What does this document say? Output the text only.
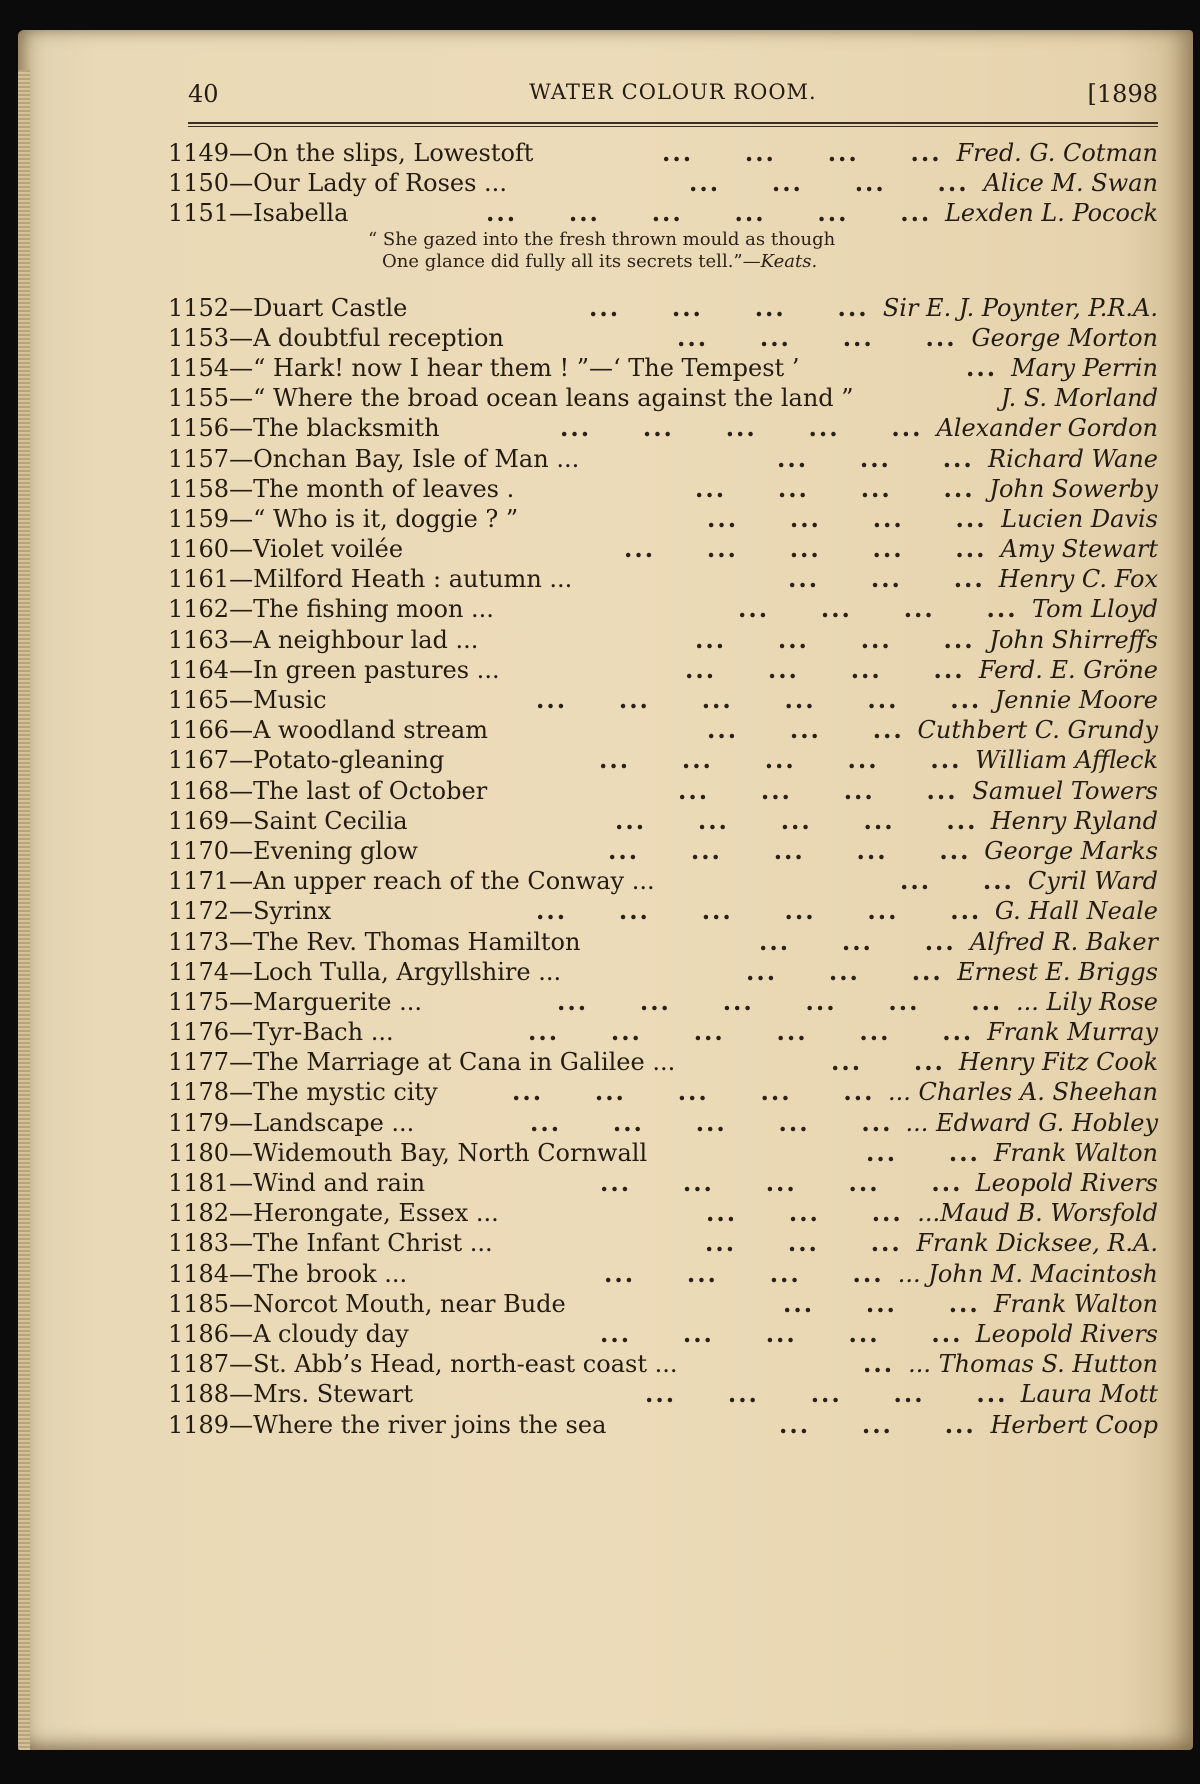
40	WATER COLOUR ROOM.	[1898
1149—On the slips, Lowestoft	...     ...     ...     ... Fred. G. Cotman
1150—Our Lady of Roses ...	...     ...     ...     ... Alice M. Swan
1151—Isabella	...     ...     ...     ...     ...     ... Lexden L. Pocock
“ She gazed into the fresh thrown mould as though
One glance did fully all its secrets tell.”—Keats.
1152—Duart Castle	...     ...     ...     ... Sir E. J. Poynter, P.R.A.
1153—A doubtful reception	...     ...     ...     ... George Morton
1154—“ Hark! now I hear them ! ”—‘ The Tempest ’	... Mary Perrin
1155—“ Where the broad ocean leans against the land ”	J. S. Morland
1156—The blacksmith	...     ...     ...     ...     ... Alexander Gordon
1157—Onchan Bay, Isle of Man ...	...     ...     ... Richard Wane
1158—The month of leaves .	...     ...     ...     ... John Sowerby
1159—“ Who is it, doggie ? ”	...     ...     ...     ... Lucien Davis
1160—Violet voilée	...     ...     ...     ...     ... Amy Stewart
1161—Milford Heath : autumn ...	...     ...     ... Henry C. Fox
1162—The fishing moon ...	...     ...     ...     ... Tom Lloyd
1163—A neighbour lad ...	...     ...     ...     ... John Shirreffs
1164—In green pastures ...	...     ...     ...     ... Ferd. E. Gröne
1165—Music	...     ...     ...     ...     ...     ... Jennie Moore
1166—A woodland stream	...     ...     ... Cuthbert C. Grundy
1167—Potato-gleaning	...     ...     ...     ...     ... William Affleck
1168—The last of October	...     ...     ...     ... Samuel Towers
1169—Saint Cecilia	...     ...     ...     ...     ... Henry Ryland
1170—Evening glow	...     ...     ...     ...     ... George Marks
1171—An upper reach of the Conway ...	...     ... Cyril Ward
1172—Syrinx	...     ...     ...     ...     ...     ... G. Hall Neale
1173—The Rev. Thomas Hamilton	...     ...     ... Alfred R. Baker
1174—Loch Tulla, Argyllshire ...	...     ...     ... Ernest E. Briggs
1175—Marguerite ...	...     ...     ...     ...     ...     ... ... Lily Rose
1176—Tyr-Bach ...	...     ...     ...     ...     ...     ... Frank Murray
1177—The Marriage at Cana in Galilee ...	...     ... Henry Fitz Cook
1178—The mystic city	...     ...     ...     ...     ... ... Charles A. Sheehan
1179—Landscape ...	...     ...     ...     ...     ... ... Edward G. Hobley
1180—Widemouth Bay, North Cornwall	...     ... Frank Walton
1181—Wind and rain	...     ...     ...     ...     ... Leopold Rivers
1182—Herongate, Essex ...	...     ...     ... ...Maud B. Worsfold
1183—The Infant Christ ...	...     ...     ... Frank Dicksee, R.A.
1184—The brook ...	...     ...     ...     ... ... John M. Macintosh
1185—Norcot Mouth, near Bude	...     ...     ... Frank Walton
1186—A cloudy day	...     ...     ...     ...     ... Leopold Rivers
1187—St. Abb’s Head, north-east coast ...	... ... Thomas S. Hutton
1188—Mrs. Stewart	...     ...     ...     ...     ... Laura Mott
1189—Where the river joins the sea	...     ...     ... Herbert Coop
